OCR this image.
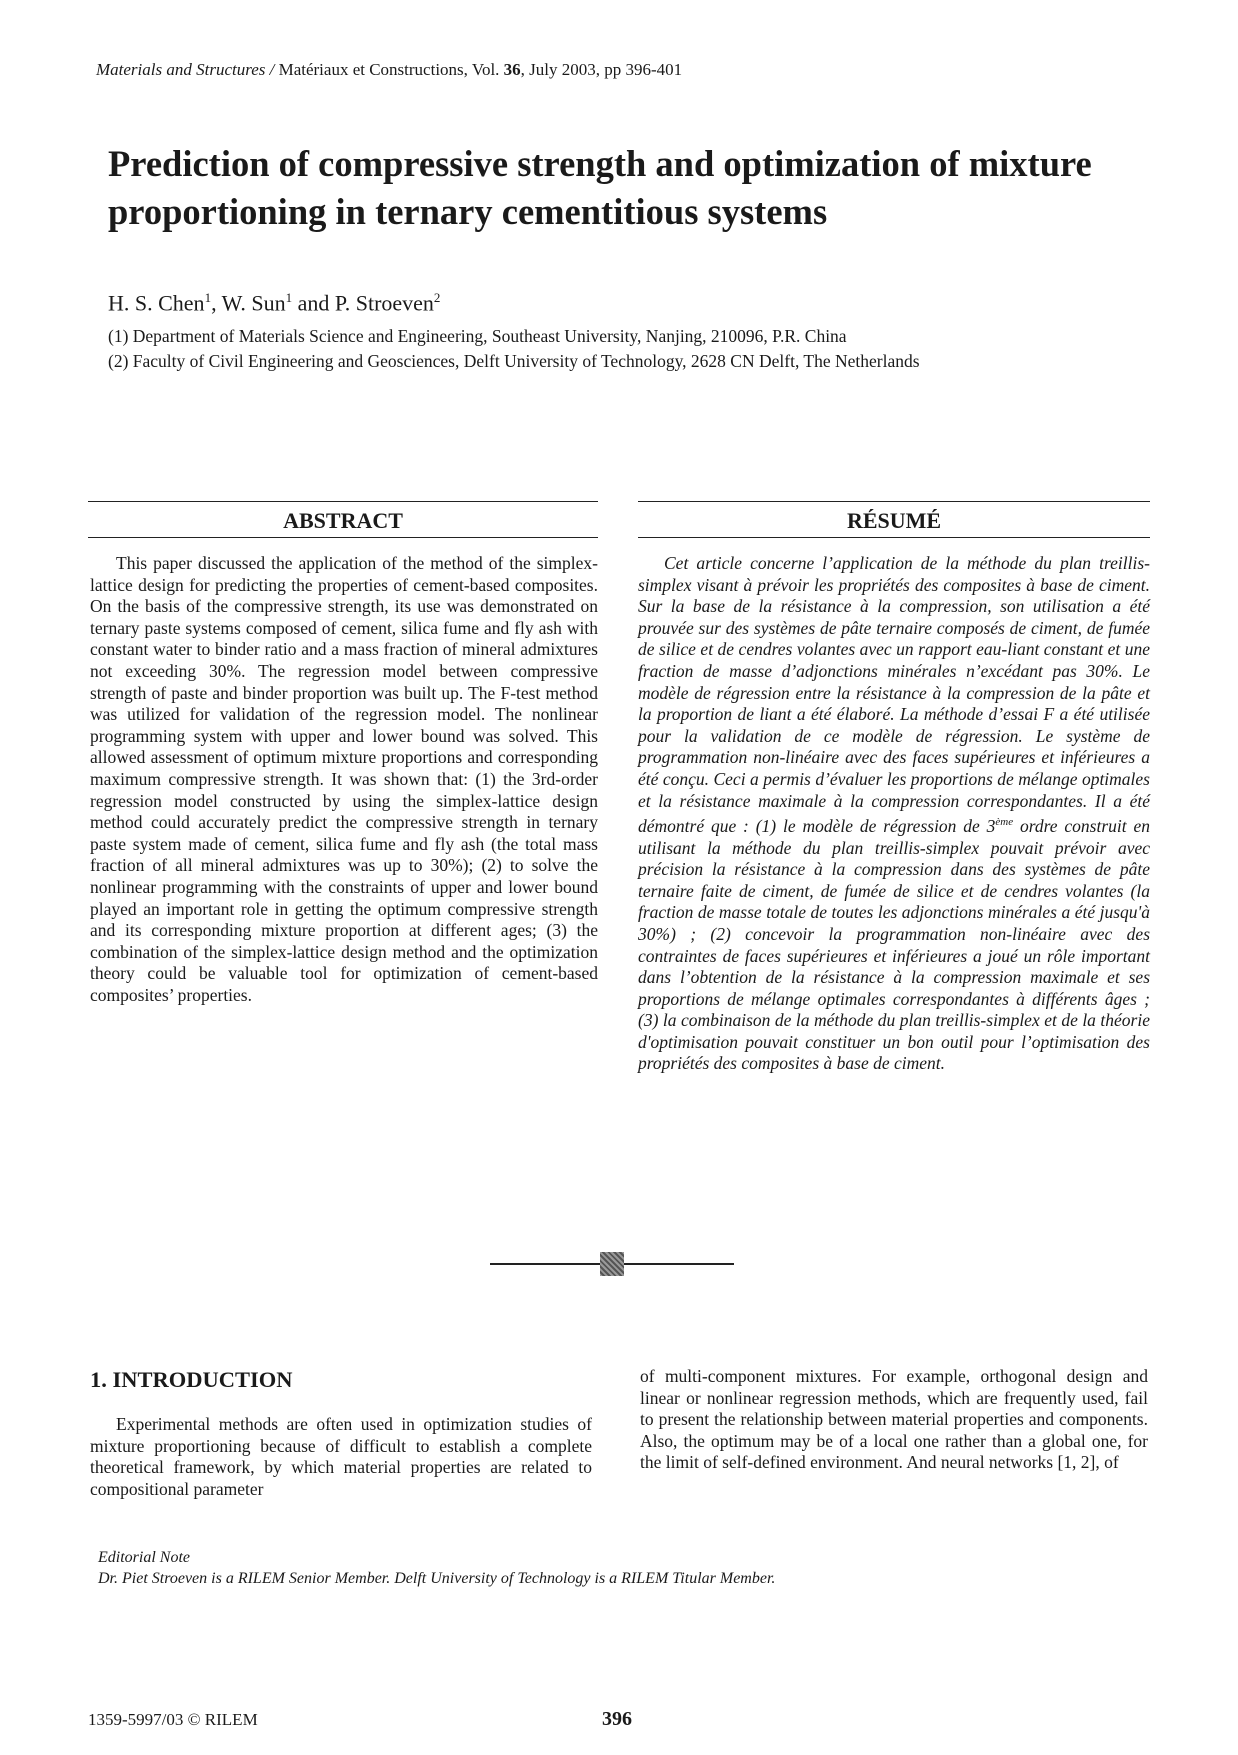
Materials and Structures / Matériaux et Constructions, Vol. 36, July 2003, pp 396-401
Prediction of compressive strength and optimization of mixture proportioning in ternary cementitious systems
H. S. Chen$^1$, W. Sun$^1$ and P. Stroeven$^2$
(1) Department of Materials Science and Engineering, Southeast University, Nanjing, 210096, P.R. China
(2) Faculty of Civil Engineering and Geosciences, Delft University of Technology, 2628 CN Delft, The Netherlands
ABSTRACT

This paper discussed the application of the method of the simplex-lattice design for predicting the properties of cement-based composites. On the basis of the compressive strength, its use was demonstrated on ternary paste systems composed of cement, silica fume and fly ash with constant water to binder ratio and a mass fraction of mineral admixtures not exceeding 30%. The regression model between compressive strength of paste and binder proportion was built up. The F-test method was utilized for validation of the regression model. The nonlinear programming system with upper and lower bound was solved. This allowed assessment of optimum mixture proportions and corresponding maximum compressive strength. It was shown that: (1) the 3rd-order regression model constructed by using the simplex-lattice design method could accurately predict the compressive strength in ternary paste system made of cement, silica fume and fly ash (the total mass fraction of all mineral admixtures was up to 30%); (2) to solve the nonlinear programming with the constraints of upper and lower bound played an important role in getting the optimum compressive strength and its corresponding mixture proportion at different ages; (3) the combination of the simplex-lattice design method and the optimization theory could be valuable tool for optimization of cement-based composites’ properties.

RÉSUMÉ

Cet article concerne l’application de la méthode du plan treillis-simplex visant à prévoir les propriétés des composites à base de ciment. Sur la base de la résistance à la compression, son utilisation a été prouvée sur des systèmes de pâte ternaire composés de ciment, de fumée de silice et de cendres volantes avec un rapport eau-liant constant et une fraction de masse d’adjonctions minérales n’excédant pas 30%. Le modèle de régression entre la résistance à la compression de la pâte et la proportion de liant a été élaboré. La méthode d’essai F a été utilisée pour la validation de ce modèle de régression. Le système de programmation non-linéaire avec des faces supérieures et inférieures a été conçu. Ceci a permis d’évaluer les proportions de mélange optimales et la résistance maximale à la compression correspondantes. Il a été démontré que : (1) le modèle de régression de 3ème ordre construit en utilisant la méthode du plan treillis-simplex pouvait prévoir avec précision la résistance à la compression dans des systèmes de pâte ternaire faite de ciment, de fumée de silice et de cendres volantes (la fraction de masse totale de toutes les adjonctions minérales a été jusqu'à 30%) ; (2) concevoir la programmation non-linéaire avec des contraintes de faces supérieures et inférieures a joué un rôle important dans l’obtention de la résistance à la compression maximale et ses proportions de mélange optimales correspondantes à différents âges ; (3) la combinaison de la méthode du plan treillis-simplex et de la théorie d'optimisation pouvait constituer un bon outil pour l’optimisation des propriétés des composites à base de ciment.

1. INTRODUCTION

Experimental methods are often used in optimization studies of mixture proportioning because of difficult to establish a complete theoretical framework, by which material properties are related to compositional parameter

of multi-component mixtures. For example, orthogonal design and linear or nonlinear regression methods, which are frequently used, fail to present the relationship between material properties and components. Also, the optimum may be of a local one rather than a global one, for the limit of self-defined environment. And neural networks [1, 2], of

Editorial Note
Dr. Piet Stroeven is a RILEM Senior Member. Delft University of Technology is a RILEM Titular Member.
1359-5997/03 © RILEM	396
